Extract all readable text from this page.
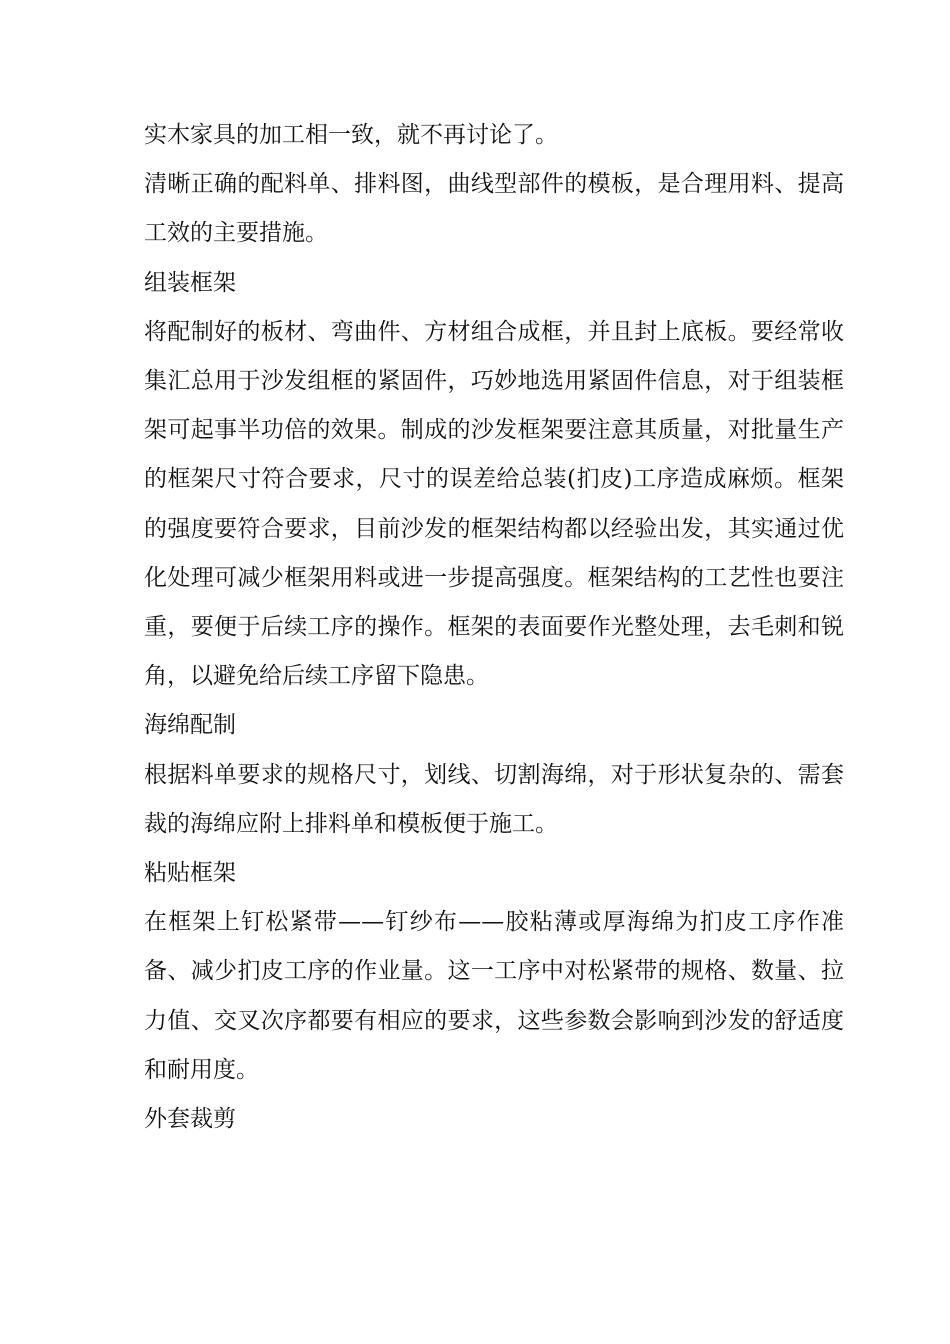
实木家具的加工相一致，就不再讨论了。

清晰正确的配料单、排料图，曲线型部件的模板，是合理用料、提高工效的主要措施。

组装框架

将配制好的板材、弯曲件、方材组合成框，并且封上底板。要经常收集汇总用于沙发组框的紧固件，巧妙地选用紧固件信息，对于组装框架可起事半功倍的效果。制成的沙发框架要注意其质量，对批量生产的框架尺寸符合要求，尺寸的误差给总装(扪皮)工序造成麻烦。框架的强度要符合要求，目前沙发的框架结构都以经验出发，其实通过优化处理可减少框架用料或进一步提高强度。框架结构的工艺性也要注重，要便于后续工序的操作。框架的表面要作光整处理，去毛刺和锐角，以避免给后续工序留下隐患。

海绵配制

根据料单要求的规格尺寸，划线、切割海绵，对于形状复杂的、需套裁的海绵应附上排料单和模板便于施工。

粘贴框架

在框架上钉松紧带——钉纱布——胶粘薄或厚海绵为扪皮工序作准备、减少扪皮工序的作业量。这一工序中对松紧带的规格、数量、拉力值、交叉次序都要有相应的要求，这些参数会影响到沙发的舒适度和耐用度。

外套裁剪
